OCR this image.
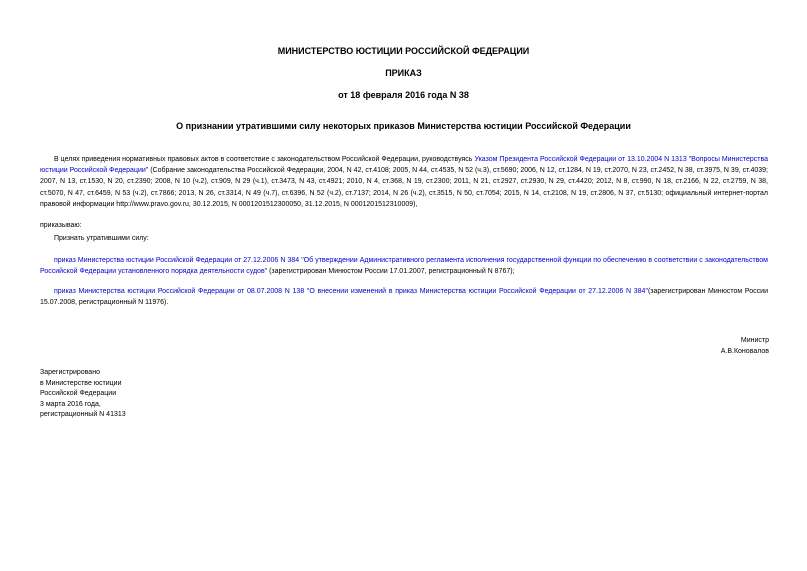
МИНИСТЕРСТВО ЮСТИЦИИ РОССИЙСКОЙ ФЕДЕРАЦИИ
ПРИКАЗ
от 18 февраля 2016 года N 38
О признании утратившими силу некоторых приказов Министерства юстиции Российской Федерации
В целях приведения нормативных правовых актов в соответствие с законодательством Российской Федерации, руководствуясь Указом Президента Российской Федерации от 13.10.2004 N 1313 "Вопросы Министерства юстиции Российской Федерации" (Собрание законодательства Российской Федерации, 2004, N 42, ст.4108; 2005, N 44, ст.4535, N 52 (ч.3), ст.5690; 2006, N 12, ст.1284, N 19, ст.2070, N 23, ст.2452, N 38, ст.3975, N 39, ст.4039; 2007, N 13, ст.1530, N 20, ст.2390; 2008, N 10 (ч.2), ст.909, N 29 (ч.1), ст.3473, N 43, ст.4921; 2010, N 4, ст.368, N 19, ст.2300; 2011, N 21, ст.2927, ст.2930, N 29, ст.4420; 2012, N 8, ст.990, N 18, ст.2166, N 22, ст.2759, N 38, ст.5070, N 47, ст.6459, N 53 (ч.2), ст.7866; 2013, N 26, ст.3314, N 49 (ч.7), ст.6396, N 52 (ч.2), ст.7137; 2014, N 26 (ч.2), ст.3515, N 50, ст.7054; 2015, N 14, ст.2108, N 19, ст.2806, N 37, ст.5130; официальный интернет-портал правовой информации http://www.pravo.gov.ru, 30.12.2015, N 0001201512300050, 31.12.2015, N 0001201512310009),
приказываю:
Признать утратившими силу:
приказ Министерства юстиции Российской Федерации от 27.12.2006 N 384 "Об утверждении Административного регламента исполнения государственной функции по обеспечению в соответствии с законодательством Российской Федерации установленного порядка деятельности судов" (зарегистрирован Минюстом России 17.01.2007, регистрационный N 8767);
приказ Министерства юстиции Российской Федерации от 08.07.2008 N 138 "О внесении изменений в приказ Министерства юстиции Российской Федерации от 27.12.2006 N 384"(зарегистрирован Минюстом России 15.07.2008, регистрационный N 11976).
Министр
А.В.Коновалов
Зарегистрировано
в Министерстве юстиции
Российской Федерации
3 марта 2016 года,
регистрационный N 41313
